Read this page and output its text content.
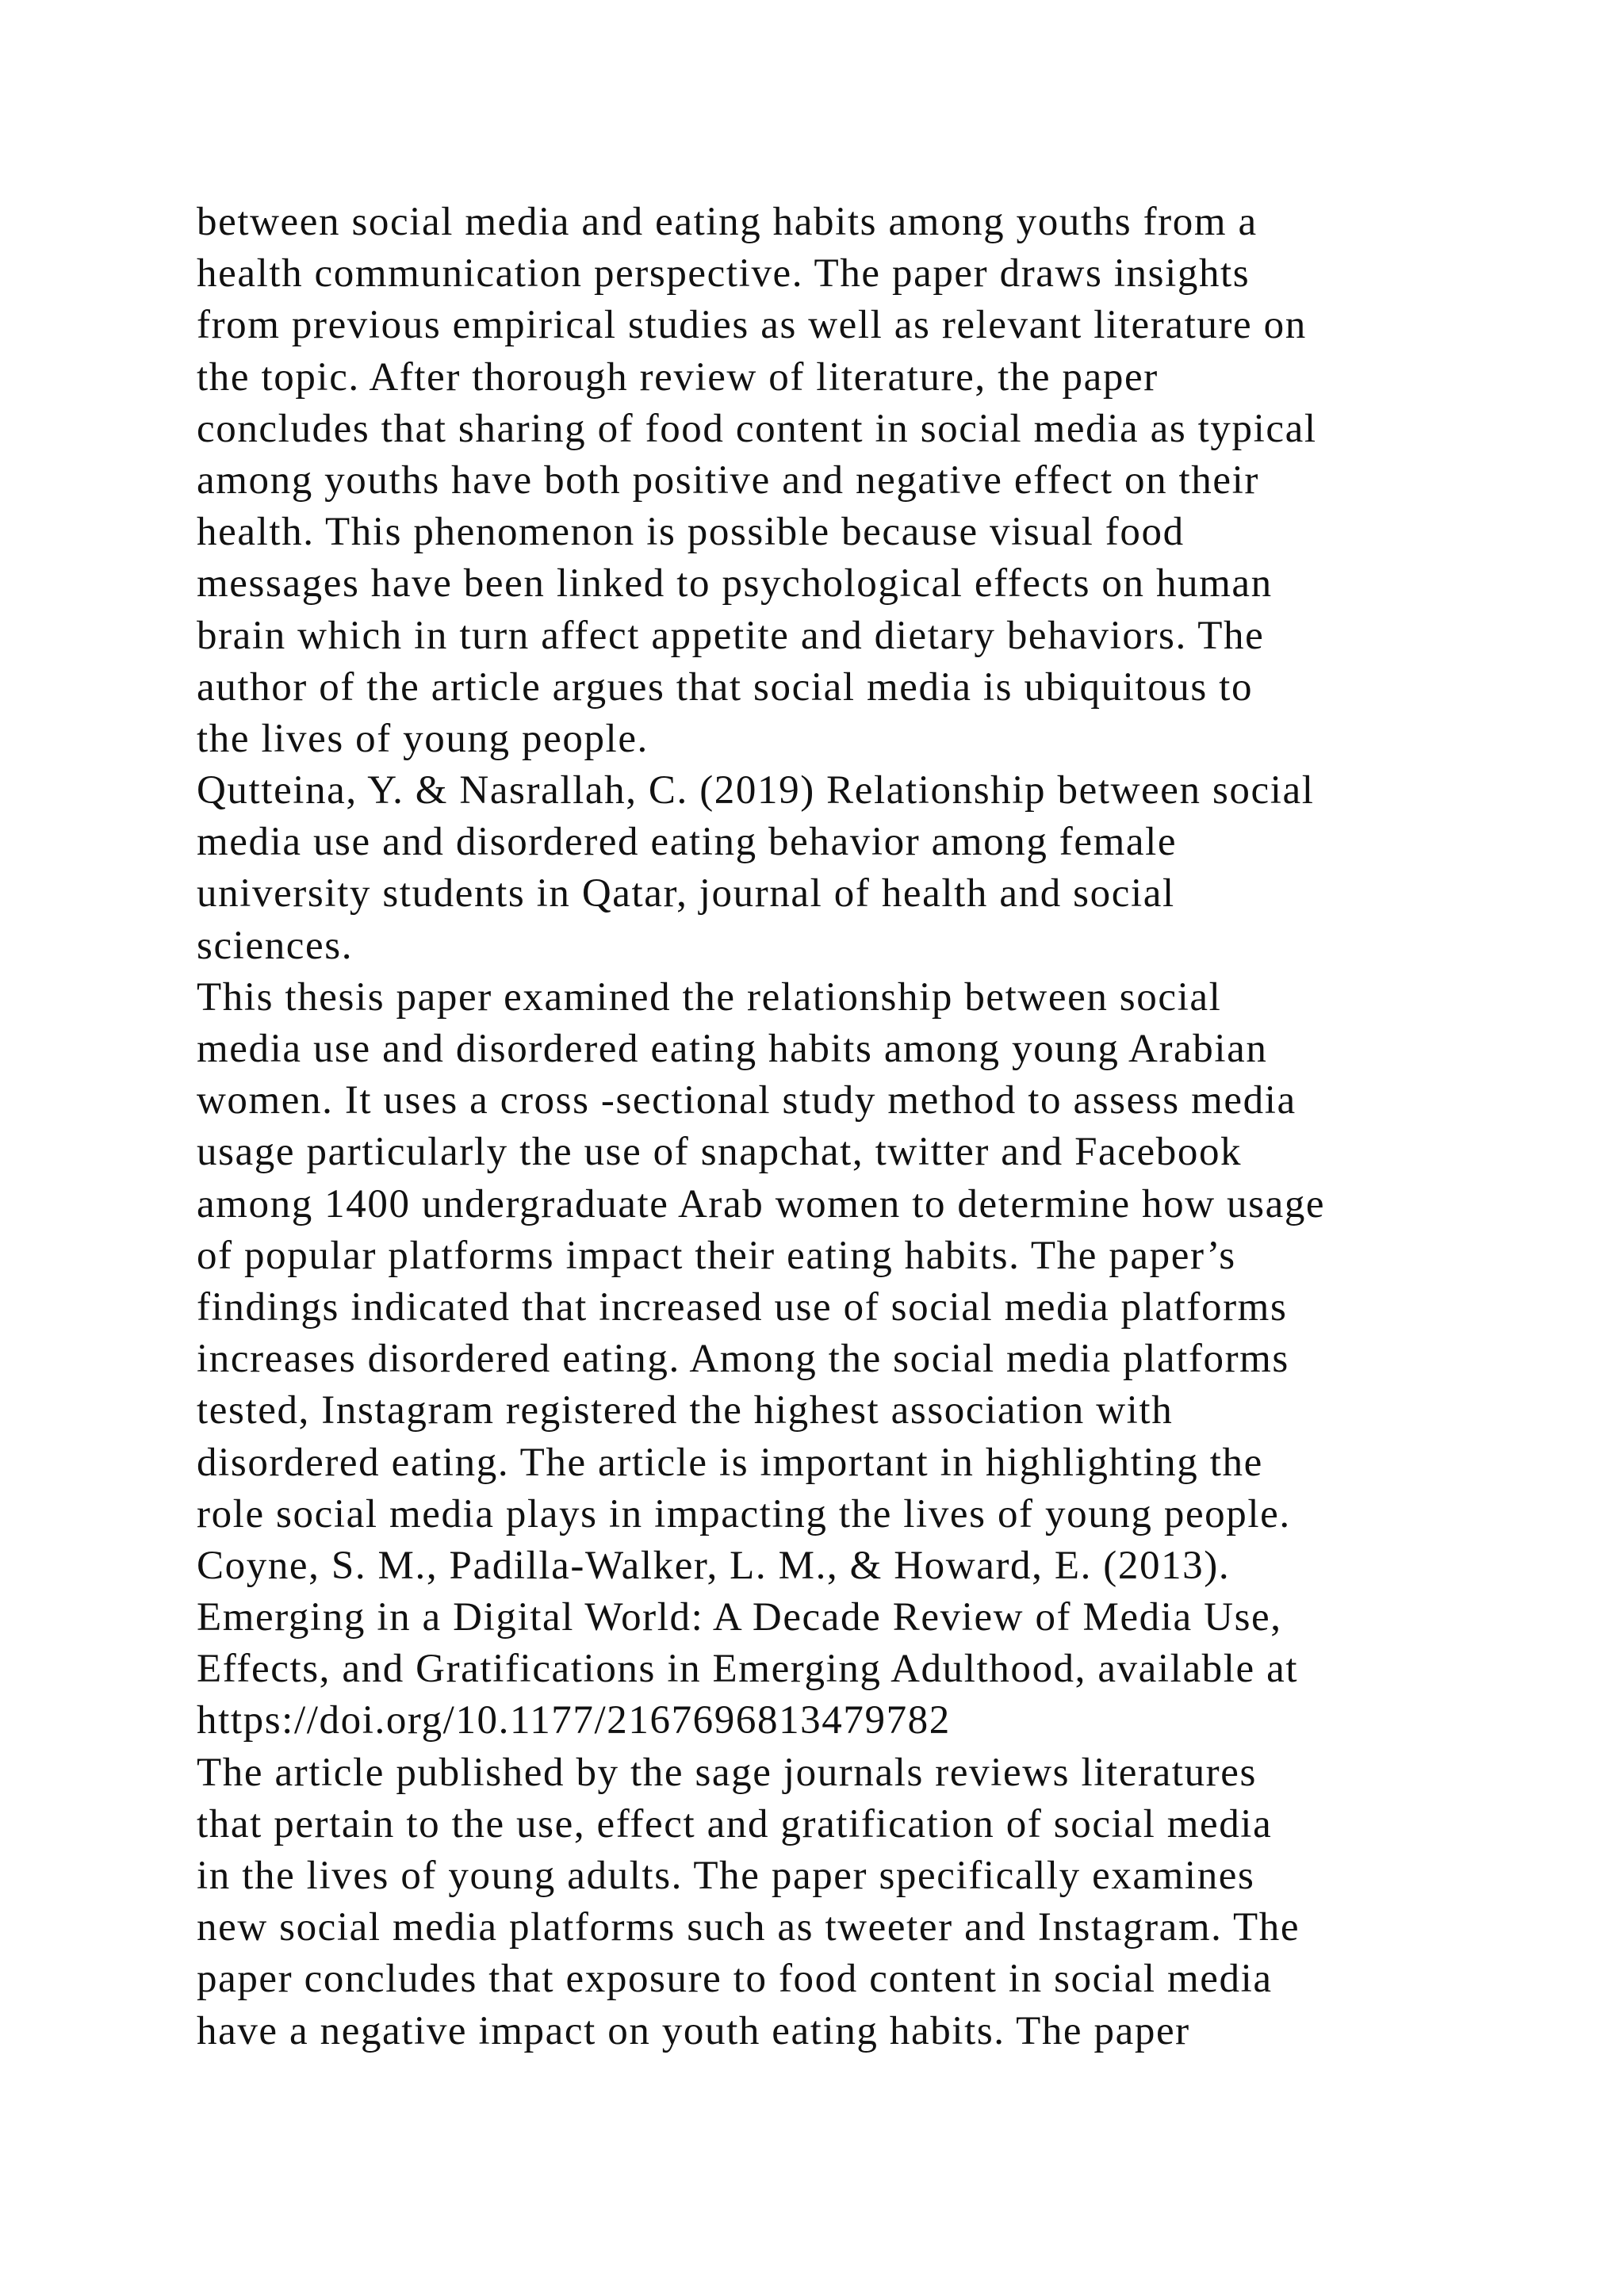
between social media and eating habits among youths from a
health communication perspective. The paper draws insights
from previous empirical studies as well as relevant literature on
the topic. After thorough review of literature, the paper
concludes that sharing of food content in social media as typical
among youths have both positive and negative effect on their
health. This phenomenon is possible because visual food
messages have been linked to psychological effects on human
brain which in turn affect appetite and dietary behaviors. The
author of the article argues that social media is ubiquitous to
the lives of young people.
Qutteina, Y. & Nasrallah, C. (2019) Relationship between social
media use and disordered eating behavior among female
university students in Qatar, journal of health and social
sciences.
This thesis paper examined the relationship between social
media use and disordered eating habits among young Arabian
women. It uses a cross -sectional study method to assess media
usage particularly the use of snapchat, twitter and Facebook
among 1400 undergraduate Arab women to determine how usage
of popular platforms impact their eating habits. The paper’s
findings indicated that increased use of social media platforms
increases disordered eating. Among the social media platforms
tested, Instagram registered the highest association with
disordered eating. The article is important in highlighting the
role social media plays in impacting the lives of young people.
Coyne, S. M., Padilla-Walker, L. M., & Howard, E. (2013).
Emerging in a Digital World: A Decade Review of Media Use,
Effects, and Gratifications in Emerging Adulthood, available at
https://doi.org/10.1177/2167696813479782
The article published by the sage journals reviews literatures
that pertain to the use, effect and gratification of social media
in the lives of young adults. The paper specifically examines
new social media platforms such as tweeter and Instagram. The
paper concludes that exposure to food content in social media
have a negative impact on youth eating habits. The paper
